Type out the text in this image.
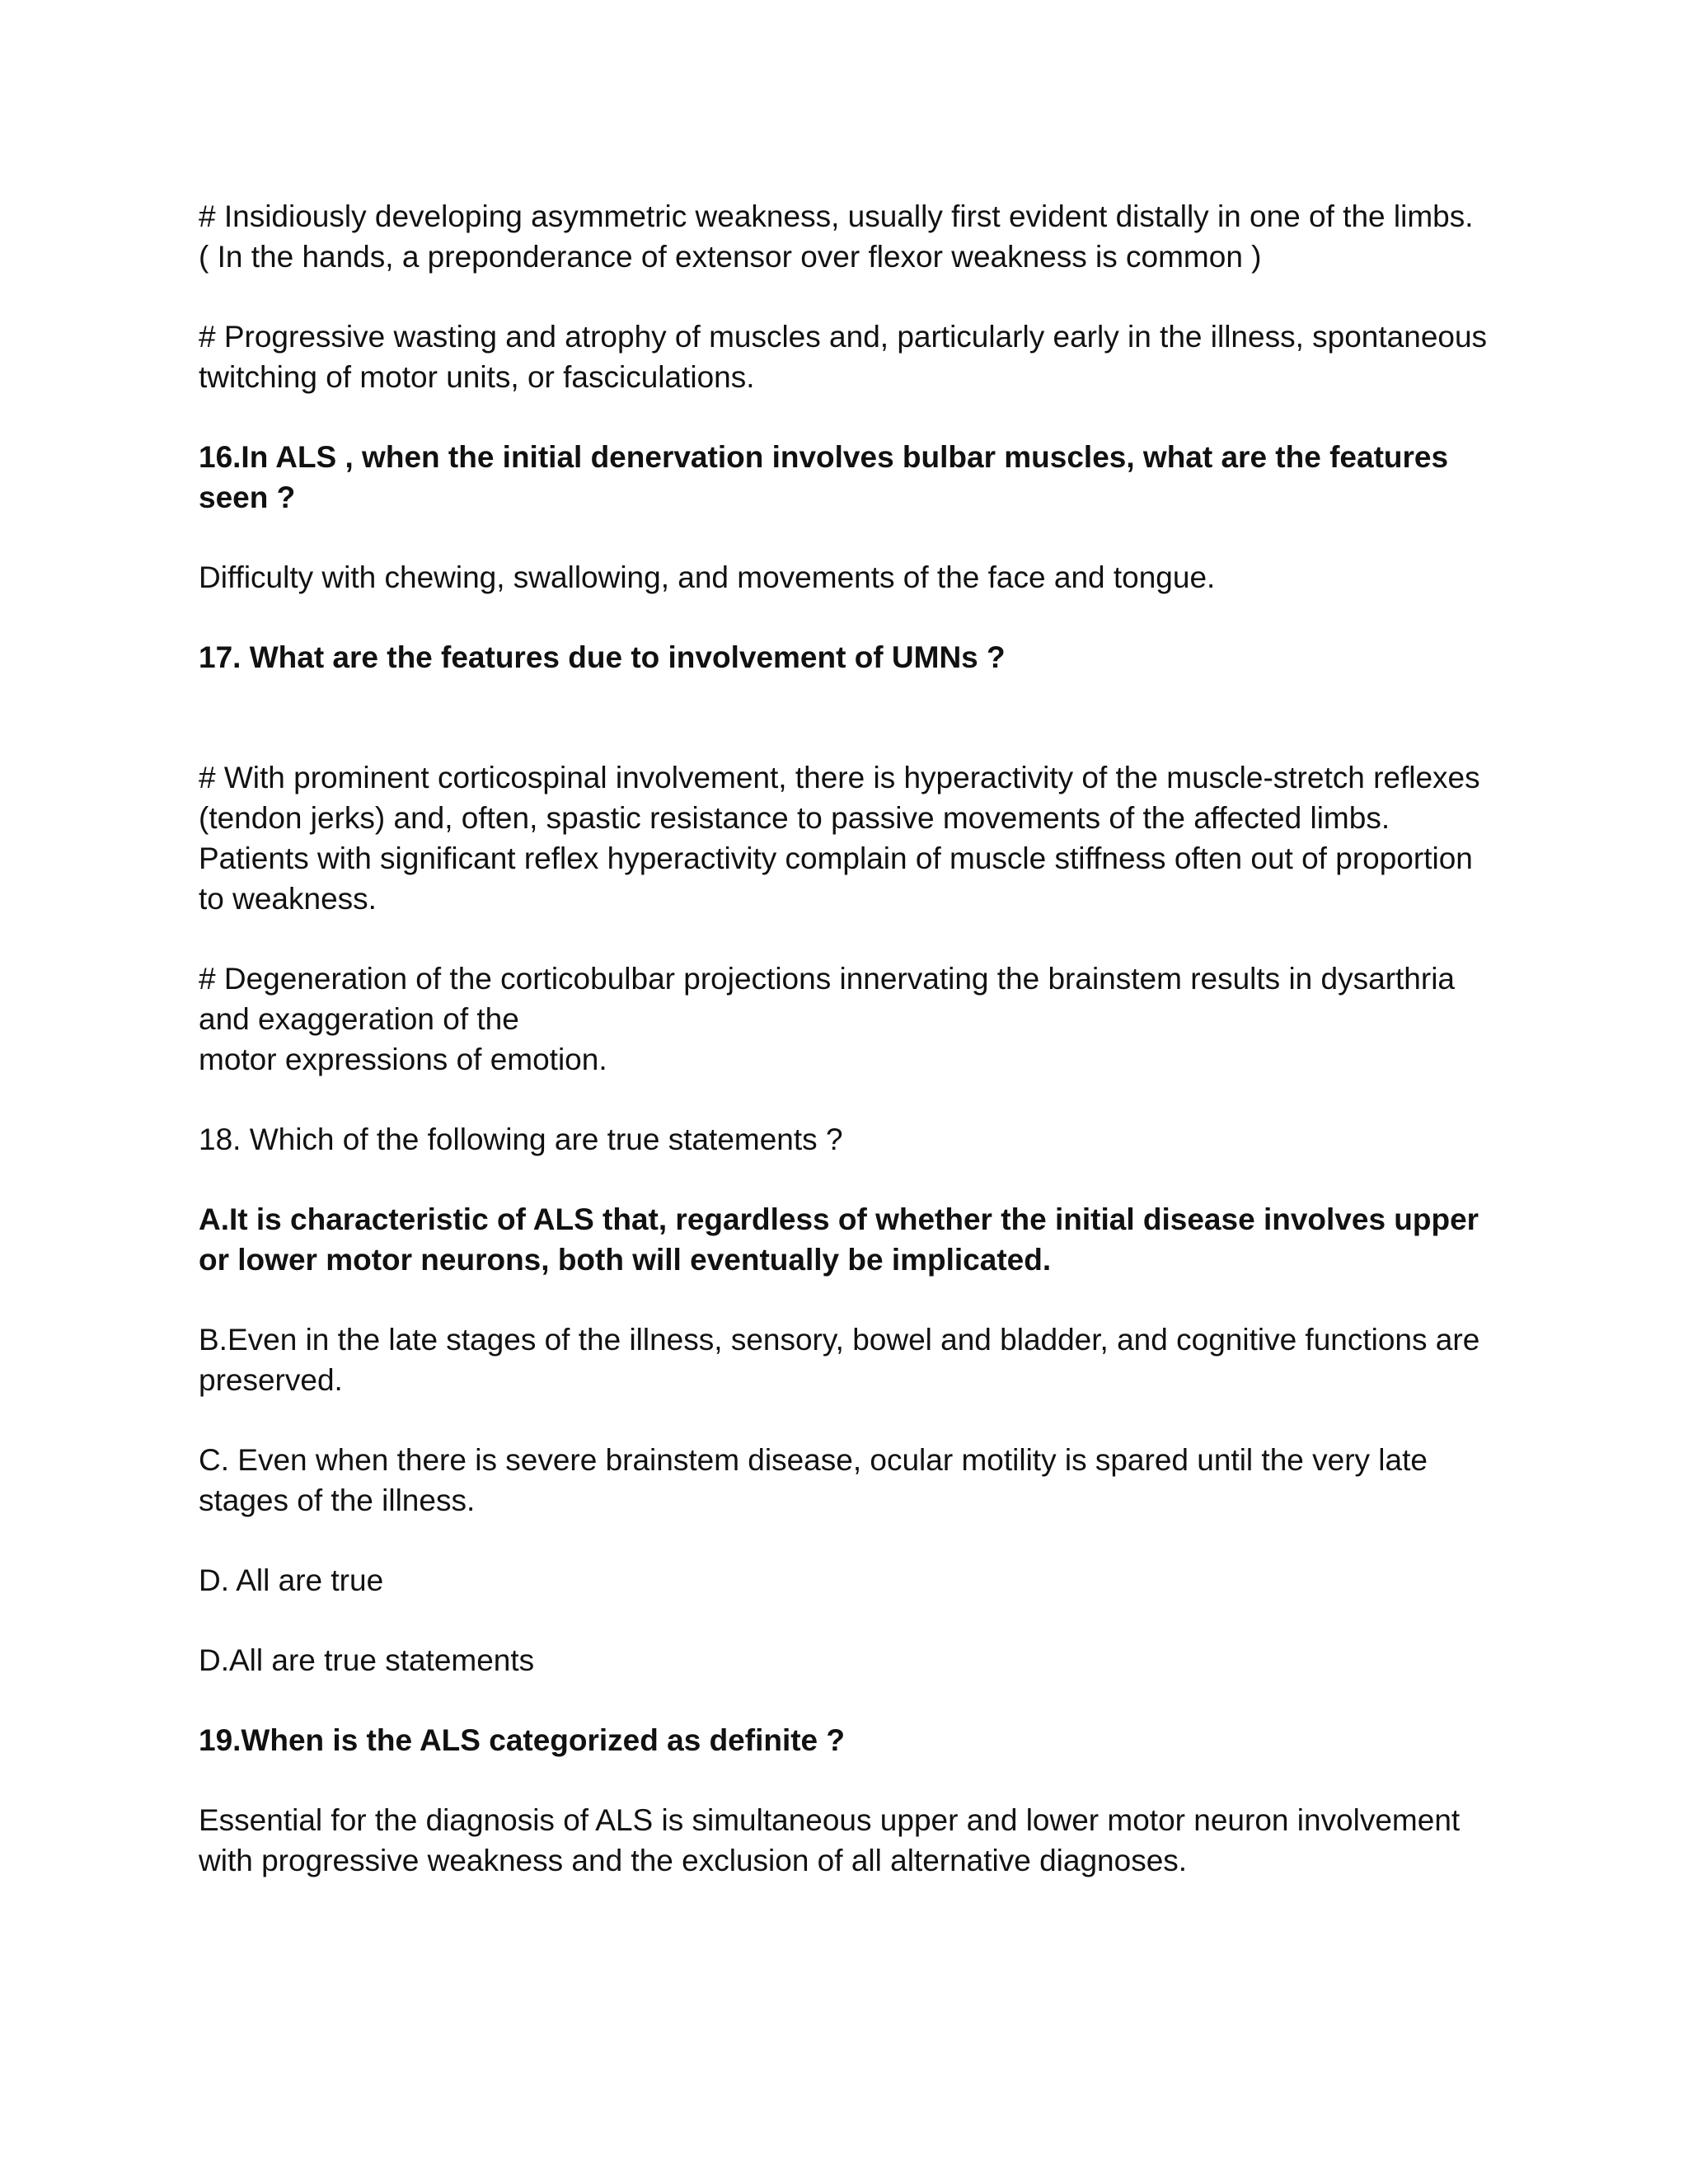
# Insidiously developing asymmetric weakness, usually first evident distally in one of the limbs.
( In the hands, a preponderance of extensor over flexor weakness is common )

# Progressive wasting and atrophy of muscles and, particularly early in the illness, spontaneous
twitching of motor units, or fasciculations.

16.In ALS , when the initial denervation involves bulbar muscles, what are the features
seen ?

Difficulty with chewing, swallowing, and movements of the face and tongue.

17. What are the features due to involvement of UMNs ?

# With prominent corticospinal involvement, there is hyperactivity of the muscle-stretch reflexes
(tendon jerks) and, often, spastic resistance to passive movements of the affected limbs.
Patients with significant reflex hyperactivity complain of muscle stiffness often out of proportion
to weakness.

# Degeneration of the corticobulbar projections innervating the brainstem results in dysarthria
and exaggeration of the
motor expressions of emotion.

18. Which of the following are true statements ?

A.It is characteristic of ALS that, regardless of whether the initial disease involves upper
or lower motor neurons, both will eventually be implicated.

B.Even in the late stages of the illness, sensory, bowel and bladder, and cognitive functions are
preserved.

C. Even when there is severe brainstem disease, ocular motility is spared until the very late
stages of the illness.

D. All are true

D.All are true statements

19.When is the ALS categorized as definite ?

Essential for the diagnosis of ALS is simultaneous upper and lower motor neuron involvement
with progressive weakness and the exclusion of all alternative diagnoses.
